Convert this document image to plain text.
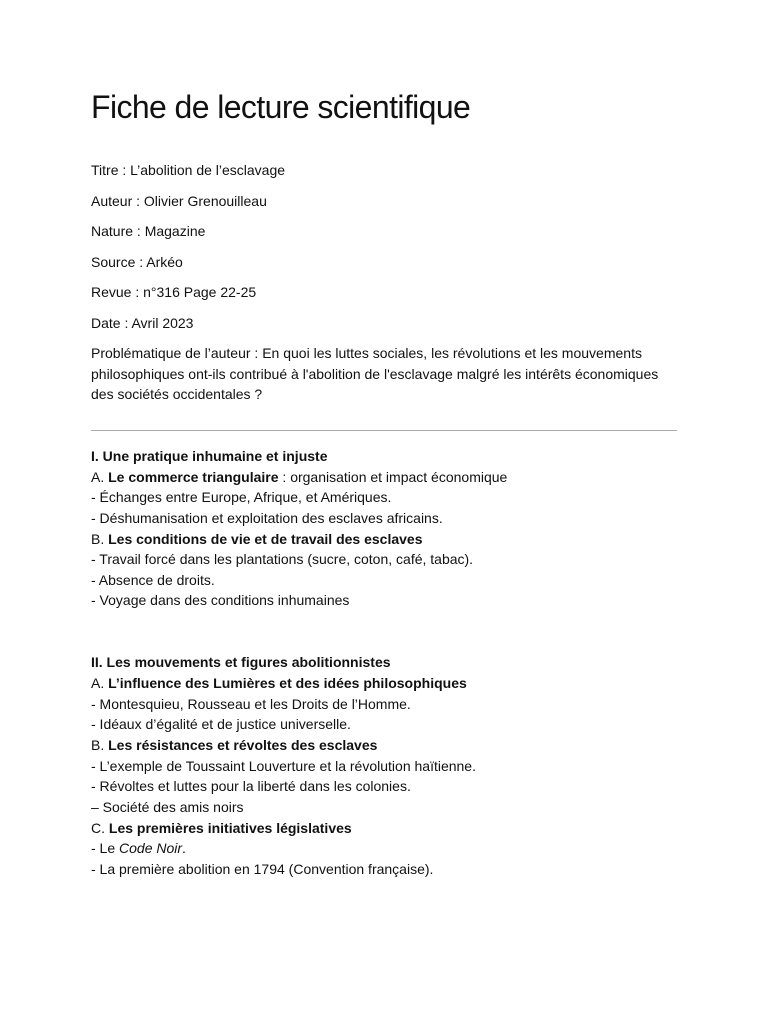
Fiche de lecture scientifique
Titre : L’abolition de l’esclavage
Auteur : Olivier Grenouilleau
Nature : Magazine
Source : Arkéo
Revue : n°316 Page 22-25
Date : Avril 2023
Problématique de l’auteur : En quoi les luttes sociales, les révolutions et les mouvements philosophiques ont-ils contribué à l'abolition de l'esclavage malgré les intérêts économiques des sociétés occidentales ?
I. Une pratique inhumaine et injuste
A. Le commerce triangulaire : organisation et impact économique
- Échanges entre Europe, Afrique, et Amériques.
- Déshumanisation et exploitation des esclaves africains.
B. Les conditions de vie et de travail des esclaves
- Travail forcé dans les plantations (sucre, coton, café, tabac).
- Absence de droits.
- Voyage dans des conditions inhumaines
II. Les mouvements et figures abolitionnistes
A. L’influence des Lumières et des idées philosophiques
- Montesquieu, Rousseau et les Droits de l’Homme.
- Idéaux d’égalité et de justice universelle.
B. Les résistances et révoltes des esclaves
- L’exemple de Toussaint Louverture et la révolution haïtienne.
- Révoltes et luttes pour la liberté dans les colonies.
– Société des amis noirs
C. Les premières initiatives législatives
- Le Code Noir.
- La première abolition en 1794 (Convention française).
